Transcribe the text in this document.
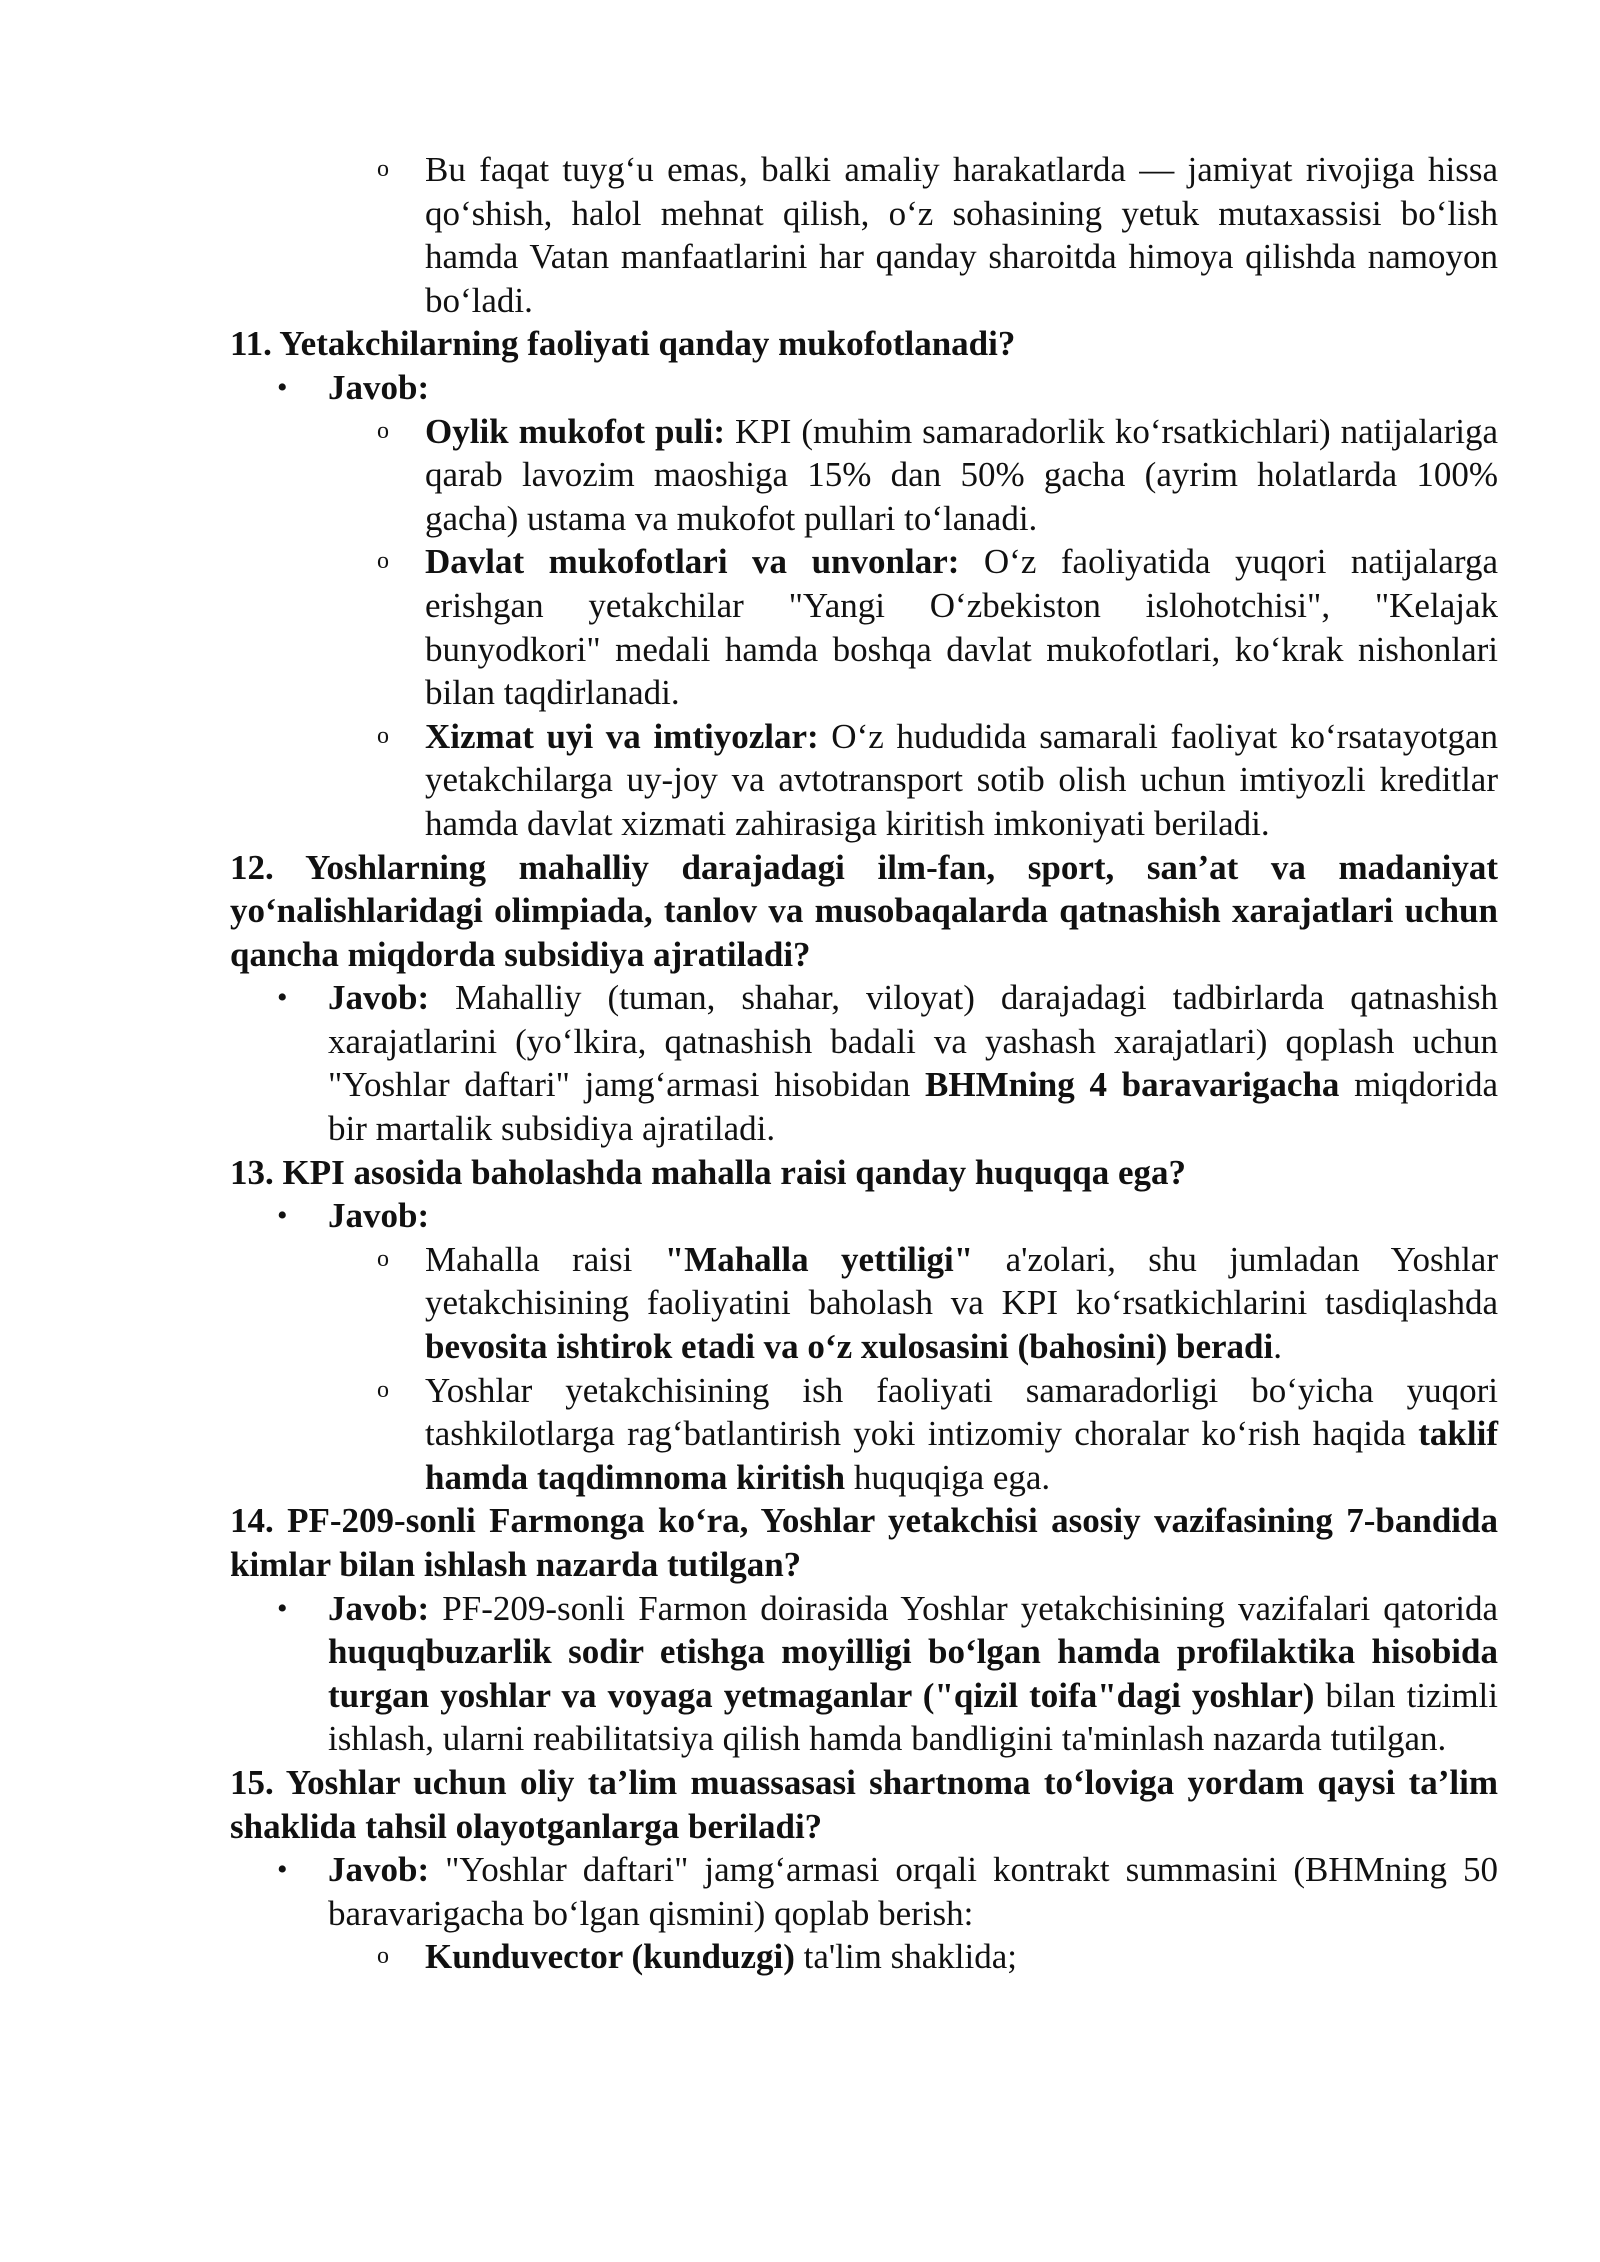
o Bu faqat tuyg‘u emas, balki amaliy harakatlarda — jamiyat rivojiga hissa qo‘shish, halol mehnat qilish, o‘z sohasining yetuk mutaxassisi bo‘lish hamda Vatan manfaatlarini har qanday sharoitda himoya qilishda namoyon bo‘ladi.

11. Yetakchilarning faoliyati qanday mukofotlanadi?

• Javob:
o Oylik mukofot puli: KPI (muhim samaradorlik ko‘rsatkichlari) natijalariga qarab lavozim maoshiga 15% dan 50% gacha (ayrim holatlarda 100% gacha) ustama va mukofot pullari to‘lanadi.
o Davlat mukofotlari va unvonlar: O‘z faoliyatida yuqori natijalarga erishgan yetakchilar "Yangi O‘zbekiston islohotchisi", "Kelajak bunyodkori" medali hamda boshqa davlat mukofotlari, ko‘krak nishonlari bilan taqdirlanadi.
o Xizmat uyi va imtiyozlar: O‘z hududida samarali faoliyat ko‘rsatayotgan yetakchilarga uy-joy va avtotransport sotib olish uchun imtiyozli kreditlar hamda davlat xizmati zahirasiga kiritish imkoniyati beriladi.

12. Yoshlarning mahalliy darajadagi ilm-fan, sport, san’at va madaniyat yo‘nalishlaridagi olimpiada, tanlov va musobaqalarda qatnashish xarajatlari uchun qancha miqdorda subsidiya ajratiladi?

• Javob: Mahalliy (tuman, shahar, viloyat) darajadagi tadbirlarda qatnashish xarajatlarini (yo‘lkira, qatnashish badali va yashash xarajatlari) qoplash uchun "Yoshlar daftari" jamg‘armasi hisobidan BHMning 4 baravarigacha miqdorida bir martalik subsidiya ajratiladi.

13. KPI asosida baholashda mahalla raisi qanday huquqqa ega?

• Javob:
o Mahalla raisi "Mahalla yettiligi" a'zolari, shu jumladan Yoshlar yetakchisining faoliyatini baholash va KPI ko‘rsatkichlarini tasdiqlashda bevosita ishtirok etadi va o‘z xulosasini (bahosini) beradi.
o Yoshlar yetakchisining ish faoliyati samaradorligi bo‘yicha yuqori tashkilotlarga rag‘batlantirish yoki intizomiy choralar ko‘rish haqida taklif hamda taqdimnoma kiritish huquqiga ega.

14. PF-209-sonli Farmonga ko‘ra, Yoshlar yetakchisi asosiy vazifasining 7-bandida kimlar bilan ishlash nazarda tutilgan?

• Javob: PF-209-sonli Farmon doirasida Yoshlar yetakchisining vazifalari qatorida huquqbuzarlik sodir etishga moyilligi bo‘lgan hamda profilaktika hisobida turgan yoshlar va voyaga yetmaganlar ("qizil toifa"dagi yoshlar) bilan tizimli ishlash, ularni reabilitatsiya qilish hamda bandligini ta'minlash nazarda tutilgan.

15. Yoshlar uchun oliy ta’lim muassasasi shartnoma to‘loviga yordam qaysi ta’lim shaklida tahsil olayotganlarga beriladi?

• Javob: "Yoshlar daftari" jamg‘armasi orqali kontrakt summasini (BHMning 50 baravarigacha bo‘lgan qismini) qoplab berish:
o Kunduvector (kunduzgi) ta'lim shaklida;
